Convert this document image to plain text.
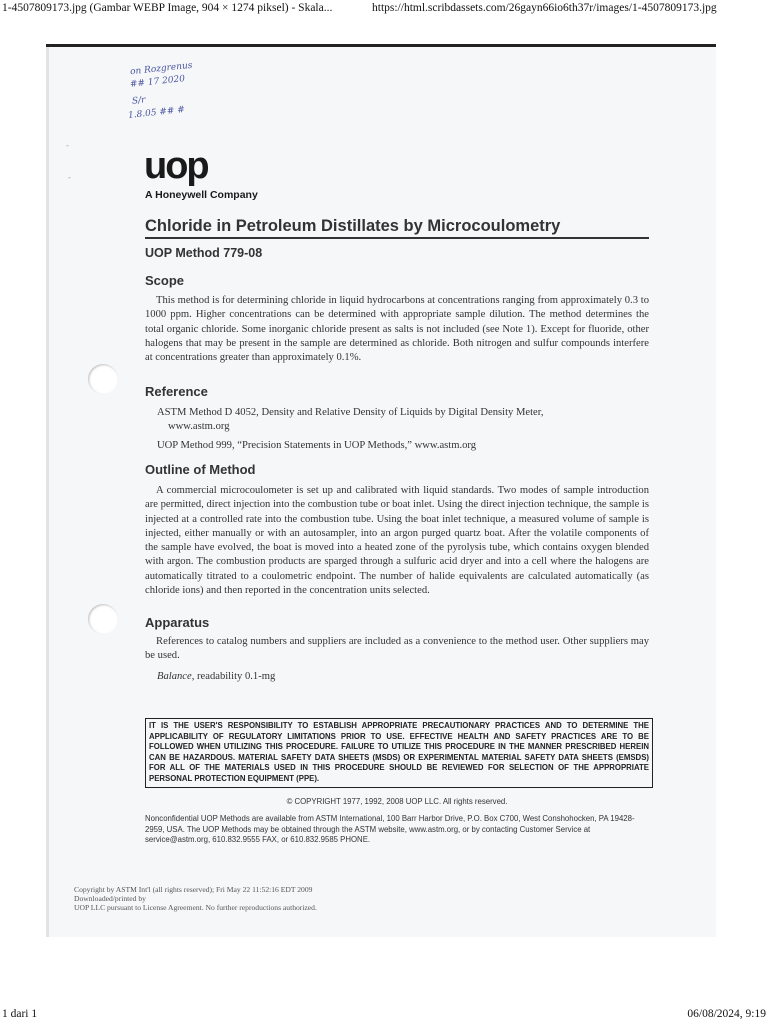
1-4507809173.jpg (Gambar WEBP Image, 904 × 1274 piksel) - Skala...	https://html.scribdassets.com/26gayn66io6th37r/images/1-4507809173.jpg
on Rozgrenus
## 17 2020
S/r
1.8.05 ## #
-
- uop
A Honeywell Company
Chloride in Petroleum Distillates by Microcoulometry
UOP Method 779-08
Scope
This method is for determining chloride in liquid hydrocarbons at concentrations ranging from approximately 0.3 to 1000 ppm. Higher concentrations can be determined with appropriate sample dilution. The method determines the total organic chloride. Some inorganic chloride present as salts is not included (see Note 1). Except for fluoride, other halogens that may be present in the sample are determined as chloride. Both nitrogen and sulfur compounds interfere at concentrations greater than approximately 0.1%.
Reference
ASTM Method D 4052, Density and Relative Density of Liquids by Digital Density Meter,
www.astm.org
UOP Method 999, “Precision Statements in UOP Methods,” www.astm.org
Outline of Method
A commercial microcoulometer is set up and calibrated with liquid standards. Two modes of sample introduction are permitted, direct injection into the combustion tube or boat inlet. Using the direct injection technique, the sample is injected at a controlled rate into the combustion tube. Using the boat inlet technique, a measured volume of sample is injected, either manually or with an autosampler, into an argon purged quartz boat. After the volatile components of the sample have evolved, the boat is moved into a heated zone of the pyrolysis tube, which contains oxygen blended with argon. The combustion products are sparged through a sulfuric acid dryer and into a cell where the halogens are automatically titrated to a coulometric endpoint. The number of halide equivalents are calculated automatically (as chloride ions) and then reported in the concentration units selected.
Apparatus
References to catalog numbers and suppliers are included as a convenience to the method user. Other suppliers may be used.
Balance, readability 0.1-mg
IT IS THE USER'S RESPONSIBILITY TO ESTABLISH APPROPRIATE PRECAUTIONARY PRACTICES AND TO DETERMINE THE APPLICABILITY OF REGULATORY LIMITATIONS PRIOR TO USE. EFFECTIVE HEALTH AND SAFETY PRACTICES ARE TO BE FOLLOWED WHEN UTILIZING THIS PROCEDURE. FAILURE TO UTILIZE THIS PROCEDURE IN THE MANNER PRESCRIBED HEREIN CAN BE HAZARDOUS. MATERIAL SAFETY DATA SHEETS (MSDS) OR EXPERIMENTAL MATERIAL SAFETY DATA SHEETS (EMSDS) FOR ALL OF THE MATERIALS USED IN THIS PROCEDURE SHOULD BE REVIEWED FOR SELECTION OF THE APPROPRIATE PERSONAL PROTECTION EQUIPMENT (PPE).
© COPYRIGHT 1977, 1992, 2008 UOP LLC. All rights reserved.
Nonconfidential UOP Methods are available from ASTM International, 100 Barr Harbor Drive, P.O. Box C700, West Conshohocken, PA 19428-2959, USA. The UOP Methods may be obtained through the ASTM website, www.astm.org, or by contacting Customer Service at service@astm.org, 610.832.9555 FAX, or 610.832.9585 PHONE.
Copyright by ASTM Int'l (all rights reserved); Fri May 22 11:52:16 EDT 2009
Downloaded/printed by
UOP LLC pursuant to License Agreement. No further reproductions authorized.
1 dari 1	06/08/2024, 9:19
